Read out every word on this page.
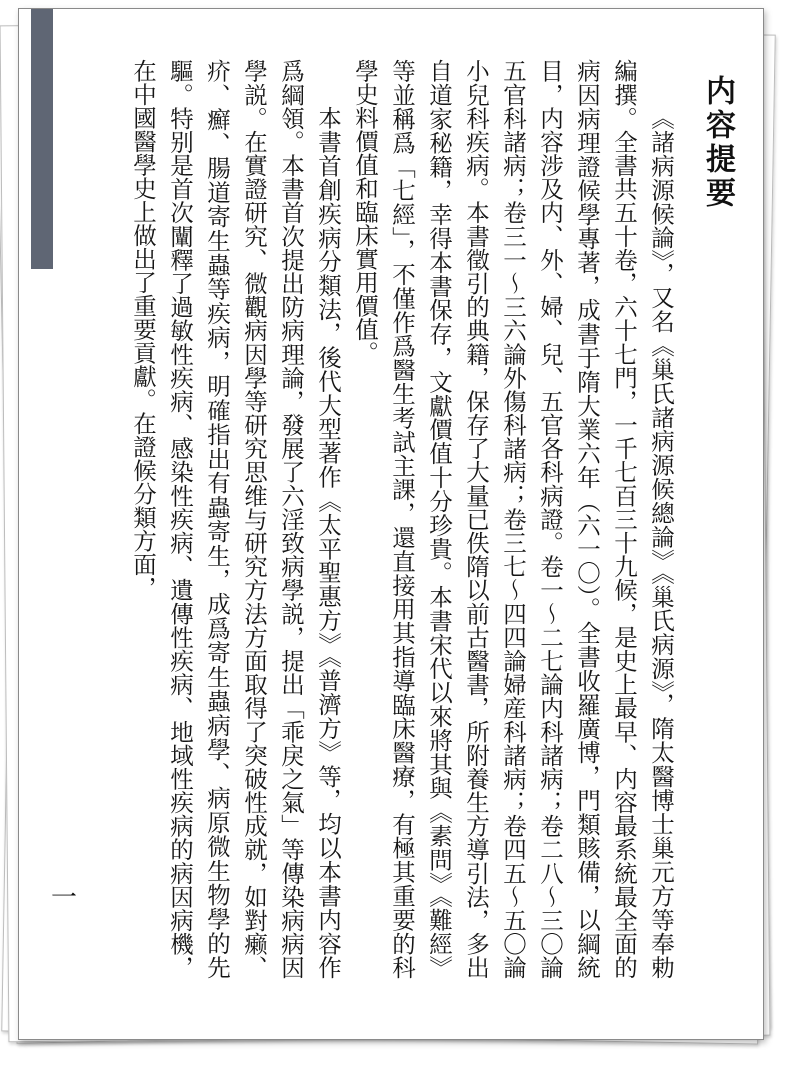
内容提要

《諸病源候論》，又名《巢氏諸病源候總論》《巢氏病源》，隋太醫博士巢元方等奉勅編撰。全書共五十卷，六十七門，一千七百三十九候，是史上最早、内容最系統最全面的病因病理證候學專著，成書于隋大業六年（六一〇）。全書收羅廣博，門類賅備，以綱統目，内容涉及内、外、婦、兒、五官各科病證。卷一～二七論内科諸病；卷二八～三〇論五官科諸病；卷三一～三六論外傷科諸病；卷三七～四四論婦産科諸病；卷四五～五〇論小兒科疾病。本書徵引的典籍，保存了大量已佚隋以前古醫書，所附養生方導引法，多出自道家秘籍，幸得本書保存，文獻價值十分珍貴。本書宋代以來將其與《素問》《難經》等並稱爲「七經」，不僅作爲醫生考試主課，還直接用其指導臨床醫療，有極其重要的科學史料價值和臨床實用價值。

本書首創疾病分類法，後代大型著作《太平聖惠方》《普濟方》等，均以本書内容作爲綱領。本書首次提出防病理論，發展了六淫致病學説，提出「乖戾之氣」等傳染病病因學説。在實證研究、微觀病因學等研究思维与研究方法方面取得了突破性成就，如對癞、疥、癬、腸道寄生蟲等疾病，明確指出有蟲寄生，成爲寄生蟲病學、病原微生物學的先驅。特别是首次闡釋了過敏性疾病、感染性疾病、遺傳性疾病、地域性疾病的病因病機，在中國醫學史上做出了重要貢獻。在證候分類方面，

一
